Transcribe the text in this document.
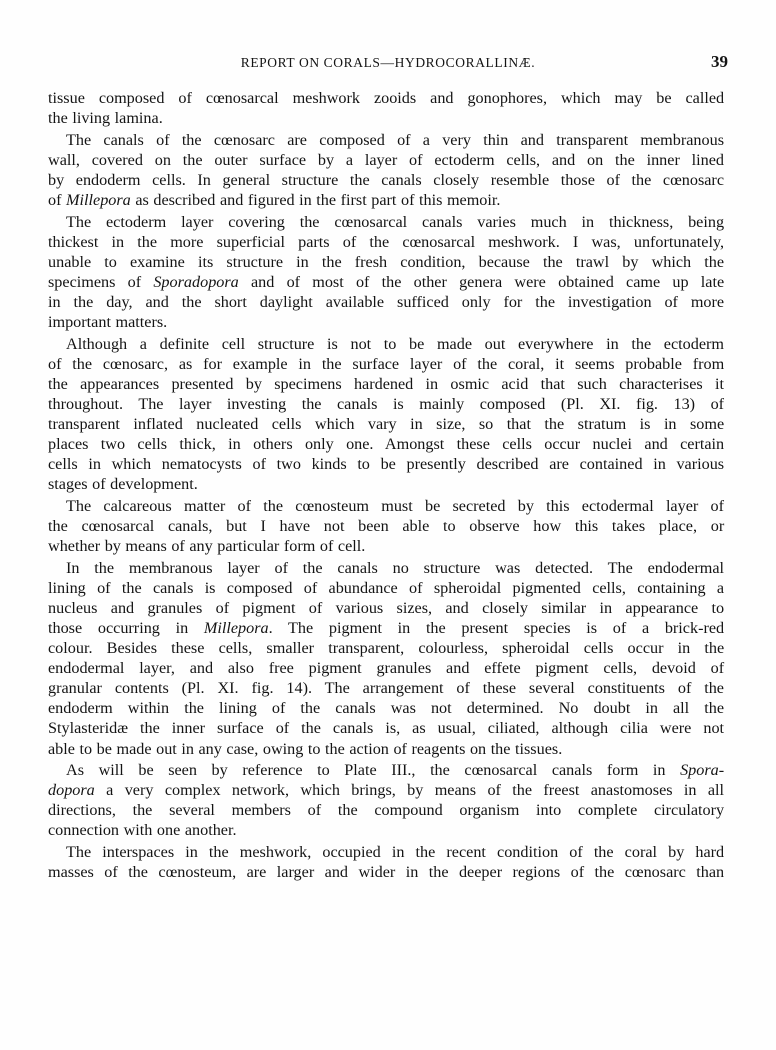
REPORT ON CORALS—HYDROCORALLINÆ.	39
tissue composed of cœnosarcal meshwork zooids and gonophores, which may be called
the living lamina.
The canals of the cœnosarc are composed of a very thin and transparent membranous
wall, covered on the outer surface by a layer of ectoderm cells, and on the inner lined
by endoderm cells. In general structure the canals closely resemble those of the cœnosarc
of Millepora as described and figured in the first part of this memoir.
The ectoderm layer covering the cœnosarcal canals varies much in thickness, being
thickest in the more superficial parts of the cœnosarcal meshwork. I was, unfortunately,
unable to examine its structure in the fresh condition, because the trawl by which the
specimens of Sporadopora and of most of the other genera were obtained came up late
in the day, and the short daylight available sufficed only for the investigation of more
important matters.
Although a definite cell structure is not to be made out everywhere in the ectoderm
of the cœnosarc, as for example in the surface layer of the coral, it seems probable from
the appearances presented by specimens hardened in osmic acid that such characterises it
throughout. The layer investing the canals is mainly composed (Pl. XI. fig. 13) of
transparent inflated nucleated cells which vary in size, so that the stratum is in some
places two cells thick, in others only one. Amongst these cells occur nuclei and certain
cells in which nematocysts of two kinds to be presently described are contained in various
stages of development.
The calcareous matter of the cœnosteum must be secreted by this ectodermal layer of
the cœnosarcal canals, but I have not been able to observe how this takes place, or
whether by means of any particular form of cell.
In the membranous layer of the canals no structure was detected. The endodermal
lining of the canals is composed of abundance of spheroidal pigmented cells, containing a
nucleus and granules of pigment of various sizes, and closely similar in appearance to
those occurring in Millepora. The pigment in the present species is of a brick-red
colour. Besides these cells, smaller transparent, colourless, spheroidal cells occur in the
endodermal layer, and also free pigment granules and effete pigment cells, devoid of
granular contents (Pl. XI. fig. 14). The arrangement of these several constituents of the
endoderm within the lining of the canals was not determined. No doubt in all the
Stylasteridæ the inner surface of the canals is, as usual, ciliated, although cilia were not
able to be made out in any case, owing to the action of reagents on the tissues.
As will be seen by reference to Plate III., the cœnosarcal canals form in Spora-
dopora a very complex network, which brings, by means of the freest anastomoses in all
directions, the several members of the compound organism into complete circulatory
connection with one another.
The interspaces in the meshwork, occupied in the recent condition of the coral by hard
masses of the cœnosteum, are larger and wider in the deeper regions of the cœnosarc than
